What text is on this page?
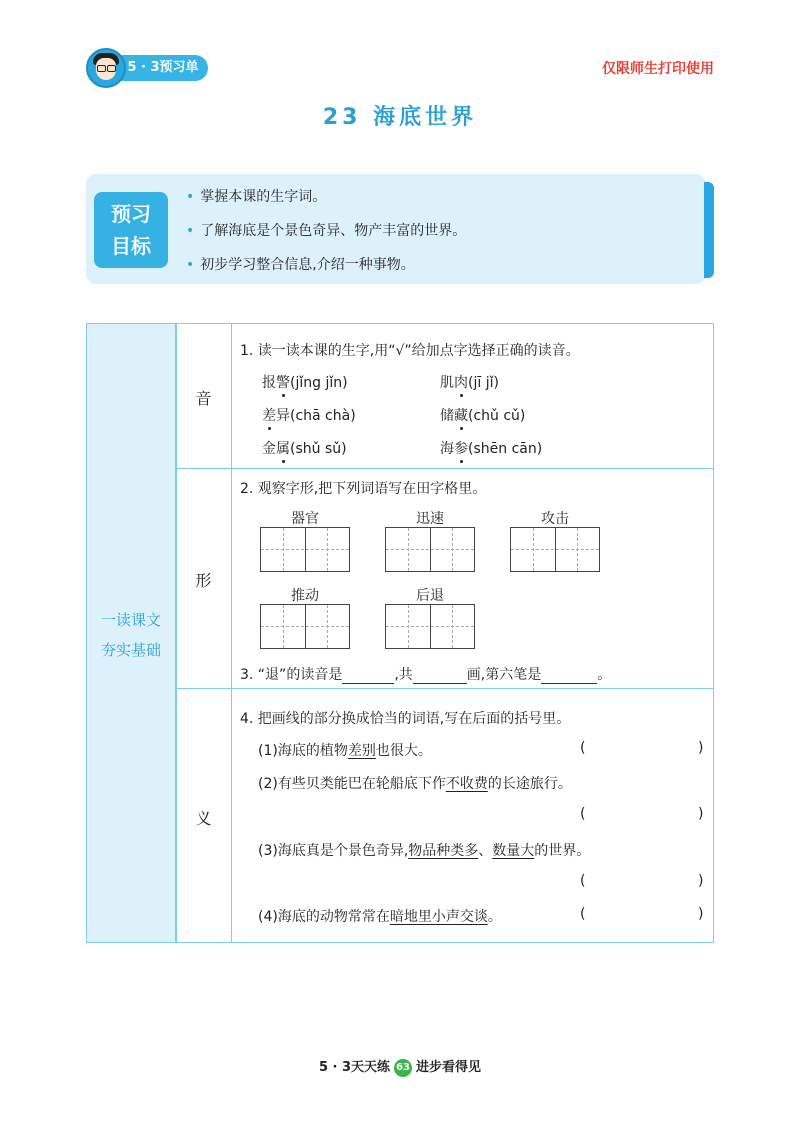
5 · 3预习单	仅限师生打印使用
23 海底世界
预习
目标
• 掌握本课的生字词。
• 了解海底是个景色奇异、物产丰富的世界。
• 初步学习整合信息,介绍一种事物。
一读课文
夯实基础
音
形
义
1. 读一读本课的生字,用“√”给加点字选择正确的读音。
报警(jǐng jǐn)	肌肉(jī jǐ)
差异(chā chà)	储藏(chǔ cǔ)
金属(shǔ sǔ)	海参(shēn cān)
2. 观察字形,把下列词语写在田字格里。
器官	迅速	攻击
推动	后退
3. “退”的读音是	,共	画,第六笔是	。
4. 把画线的部分换成恰当的词语,写在后面的括号里。
(1)海底的植物差别也很大。	(	)
(2)有些贝类能巴在轮船底下作不收费的长途旅行。
(	)
(3)海底真是个景色奇异,物品种类多、数量大的世界。
(	)
(4)海底的动物常常在暗地里小声交谈。	(	)
5 · 3天天练 63 进步看得见
